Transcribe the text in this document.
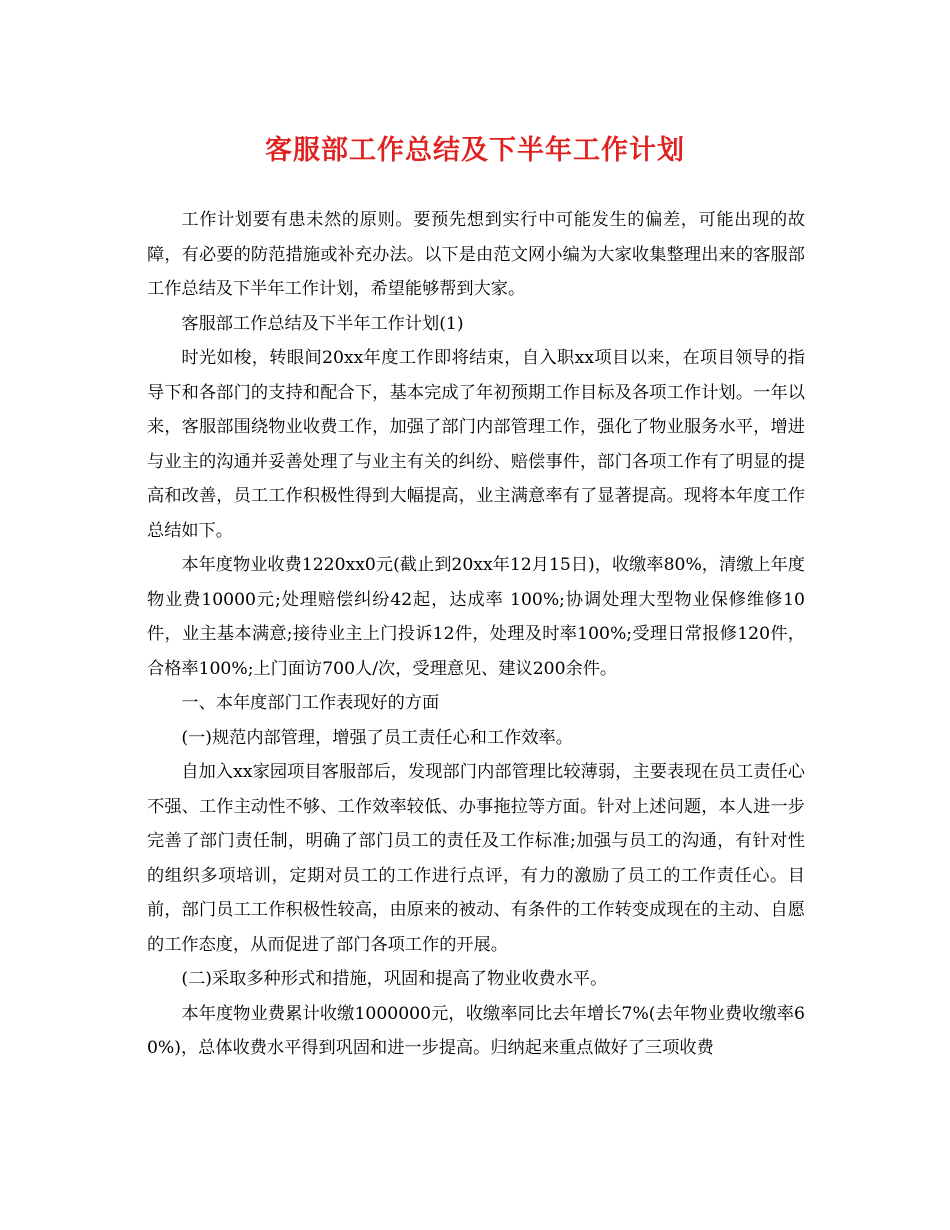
客服部工作总结及下半年工作计划

工作计划要有患未然的原则。要预先想到实行中可能发生的偏差，可能出现的故障，有必要的防范措施或补充办法。以下是由范文网小编为大家收集整理出来的客服部工作总结及下半年工作计划，希望能够帮到大家。

客服部工作总结及下半年工作计划(1)

时光如梭，转眼间20xx年度工作即将结束，自入职xx项目以来，在项目领导的指导下和各部门的支持和配合下，基本完成了年初预期工作目标及各项工作计划。一年以来，客服部围绕物业收费工作，加强了部门内部管理工作，强化了物业服务水平，增进与业主的沟通并妥善处理了与业主有关的纠纷、赔偿事件，部门各项工作有了明显的提高和改善，员工工作积极性得到大幅提高，业主满意率有了显著提高。现将本年度工作总结如下。

本年度物业收费1220xx0元(截止到20xx年12月15日)，收缴率80%，清缴上年度物业费10000元;处理赔偿纠纷42起，达成率 100%;协调处理大型物业保修维修10件，业主基本满意;接待业主上门投诉12件，处理及时率100%;受理日常报修120件，合格率100%;上门面访700人/次，受理意见、建议200余件。

一、本年度部门工作表现好的方面

(一)规范内部管理，增强了员工责任心和工作效率。

自加入xx家园项目客服部后，发现部门内部管理比较薄弱，主要表现在员工责任心不强、工作主动性不够、工作效率较低、办事拖拉等方面。针对上述问题，本人进一步完善了部门责任制，明确了部门员工的责任及工作标准;加强与员工的沟通，有针对性的组织多项培训，定期对员工的工作进行点评，有力的激励了员工的工作责任心。目前，部门员工工作积极性较高，由原来的被动、有条件的工作转变成现在的主动、自愿的工作态度，从而促进了部门各项工作的开展。

(二)采取多种形式和措施，巩固和提高了物业收费水平。

本年度物业费累计收缴1000000元，收缴率同比去年增长7%(去年物业费收缴率60%)，总体收费水平得到巩固和进一步提高。归纳起来重点做好了三项收费
